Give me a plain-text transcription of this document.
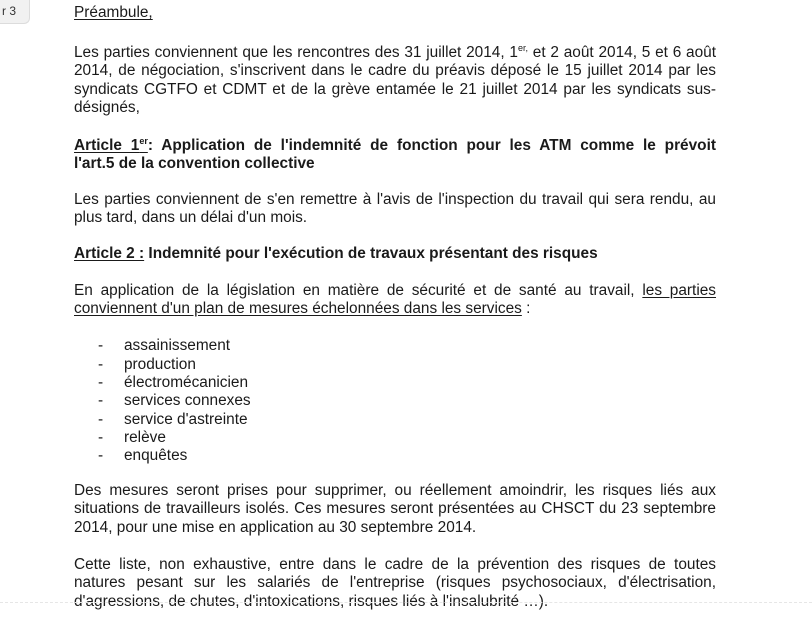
r 3	Préambule,
Les parties conviennent que les rencontres des 31 juillet 2014, $1^{er,}$ et 2 août 2014, 5 et 6 août
2014, de négociation, s'inscrivent dans le cadre du préavis déposé le 15 juillet 2014 par les
syndicats CGTFO et CDMT et de la grève entamée le 21 juillet 2014 par les syndicats sus-
désignés,
Article 1er: Application de l'indemnité de fonction pour les ATM comme le prévoit
l'art.5 de la convention collective
Les parties conviennent de s'en remettre à l'avis de l'inspection du travail qui sera rendu, au
plus tard, dans un délai d'un mois.
Article 2 : Indemnité pour l'exécution de travaux présentant des risques
En application de la législation en matière de sécurité et de santé au travail, les parties
conviennent d'un plan de mesures échelonnées dans les services :
-	assainissement
-	production
-	électromécanicien
-	services connexes
-	service d'astreinte
-	relève
-	enquêtes
Des mesures seront prises pour supprimer, ou réellement amoindrir, les risques liés aux
situations de travailleurs isolés. Ces mesures seront présentées au CHSCT du 23 septembre
2014, pour une mise en application au 30 septembre 2014.
Cette liste, non exhaustive, entre dans le cadre de la prévention des risques de toutes
natures pesant sur les salariés de l'entreprise (risques psychosociaux, d'électrisation,
d'agressions, de chutes, d'intoxications, risques liés à l'insalubrité …).
